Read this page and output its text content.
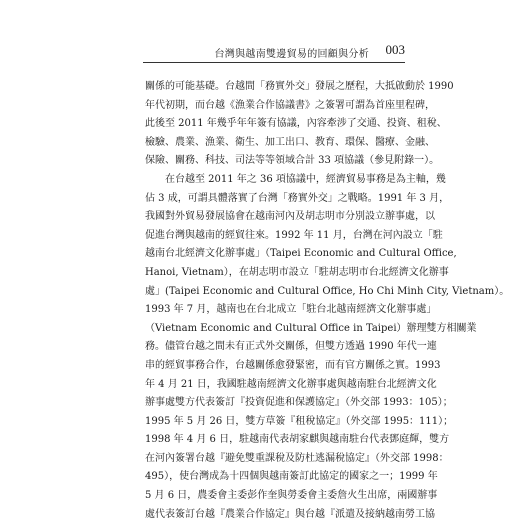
台灣與越南雙邊貿易的回顧與分析 003
關係的可能基礎。台越間「務實外交」發展之歷程，大抵啟動於 1990
年代初期，而台越《漁業合作協議書》之簽署可謂為首座里程碑，
此後至 2011 年幾乎年年簽有協議，內容牽涉了交通、投資、租稅、
檢驗、農業、漁業、衛生、加工出口、教育、環保、醫療、金融、
保險、關務、科技、司法等等領域合計 33 項協議（參見附錄一）。
　　在台越至 2011 年之 36 項協議中，經濟貿易事務是為主軸，幾
佔 3 成，可謂具體落實了台灣「務實外交」之戰略。1991 年 3 月，
我國對外貿易發展協會在越南河內及胡志明市分別設立辦事處，以
促進台灣與越南的經貿往來。1992 年 11 月，台灣在河內設立「駐
越南台北經濟文化辦事處」（Taipei Economic and Cultural Office,
Hanoi, Vietnam），在胡志明市設立「駐胡志明市台北經濟文化辦事
處」(Taipei Economic and Cultural Office, Ho Chi Minh City, Vietnam）。
1993 年 7 月，越南也在台北成立「駐台北越南經濟文化辦事處」
（Vietnam Economic and Cultural Office in Taipei）辦理雙方相關業
務。儘管台越之間未有正式外交關係，但雙方透過 1990 年代一連
串的經貿事務合作，台越關係愈發緊密，而有官方關係之實。1993
年 4 月 21 日，我國駐越南經濟文化辦事處與越南駐台北經濟文化
辦事處雙方代表簽訂『投資促進和保護協定』（外交部 1993：105）；
1995 年 5 月 26 日，雙方草簽『租稅協定』（外交部 1995：111）；
1998 年 4 月 6 日，駐越南代表胡家麒與越南駐台代表鄧庭輝，雙方
在河內簽署台越『避免雙重課稅及防杜逃漏稅協定』（外交部 1998：
495），使台灣成為十四個與越南簽訂此協定的國家之一；1999 年
5 月 6 日，農委會主委彭作奎與勞委會主委詹火生出席，兩國辦事
處代表簽訂台越『農業合作協定』與台越『派遣及接納越南勞工協
